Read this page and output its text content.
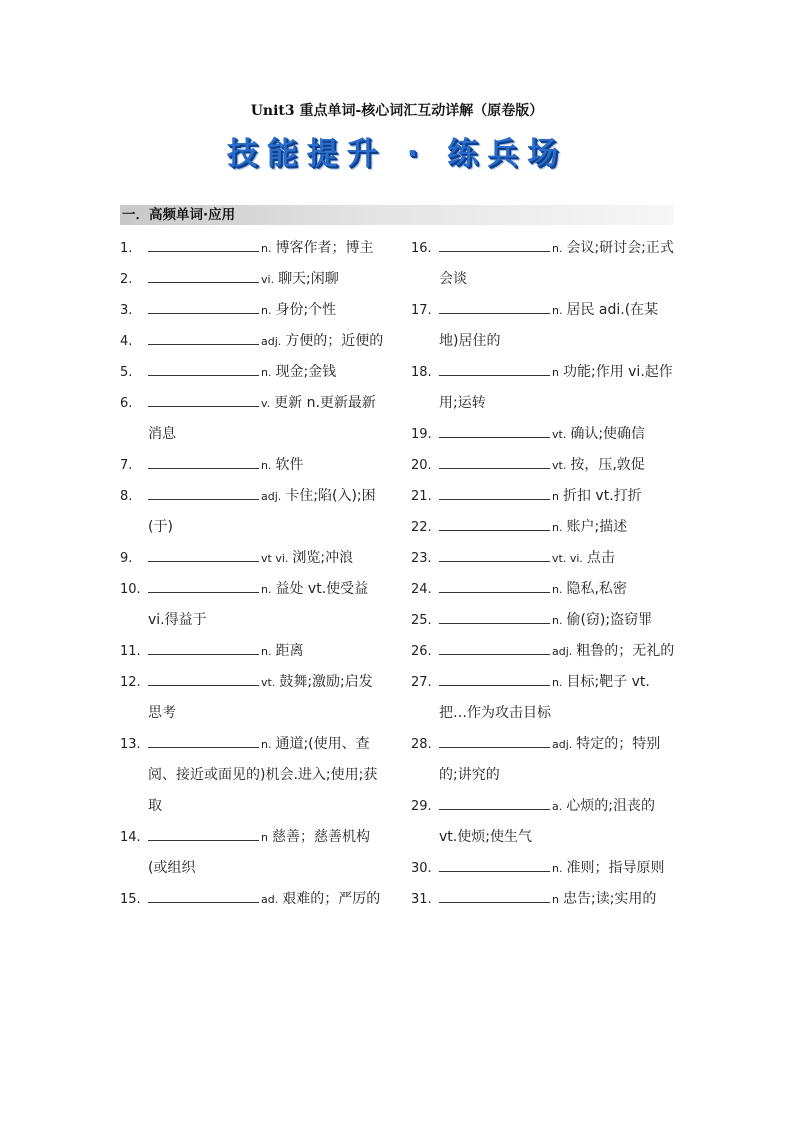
Unit3 重点单词-核心词汇互动详解（原卷版）
技能提升 · 练兵场
一．高频单词·应用
1.	n. 博客作者；博主
2.	vi. 聊天;闲聊
3.	n. 身份;个性
4.	adj. 方便的；近便的
5.	n. 现金;金钱
6.	v. 更新 n.更新最新消息
7.	n. 软件
8.	adj. 卡住;陷(入);困(于)
9.	vt vi. 浏览;冲浪
10.	n. 益处 vt.使受益 vi.得益于
11.	n. 距离
12.	vt. 鼓舞;激励;启发思考
13.	n. 通道;(使用、查阅、接近或面见的)机会.进入;使用;获取
14.	n 慈善；慈善机构(或组织
15.	ad. 艰难的；严厉的
16.	n. 会议;研讨会;正式会谈
17.	n. 居民 adi.(在某地)居住的
18.	n 功能;作用 vi.起作用;运转
19.	vt. 确认;使确信
20.	vt. 按，压,敦促
21.	n 折扣 vt.打折
22.	n. 账户;描述
23.	vt. vi. 点击
24.	n. 隐私,私密
25.	n. 偷(窃);盗窃罪
26.	adj. 粗鲁的；无礼的
27.	n. 目标;靶子 vt.把…作为攻击目标
28.	adj. 特定的；特别的;讲究的
29.	a. 心烦的;沮丧的 vt.使烦;使生气
30.	n. 准则；指导原则
31.	n 忠告;读;实用的
